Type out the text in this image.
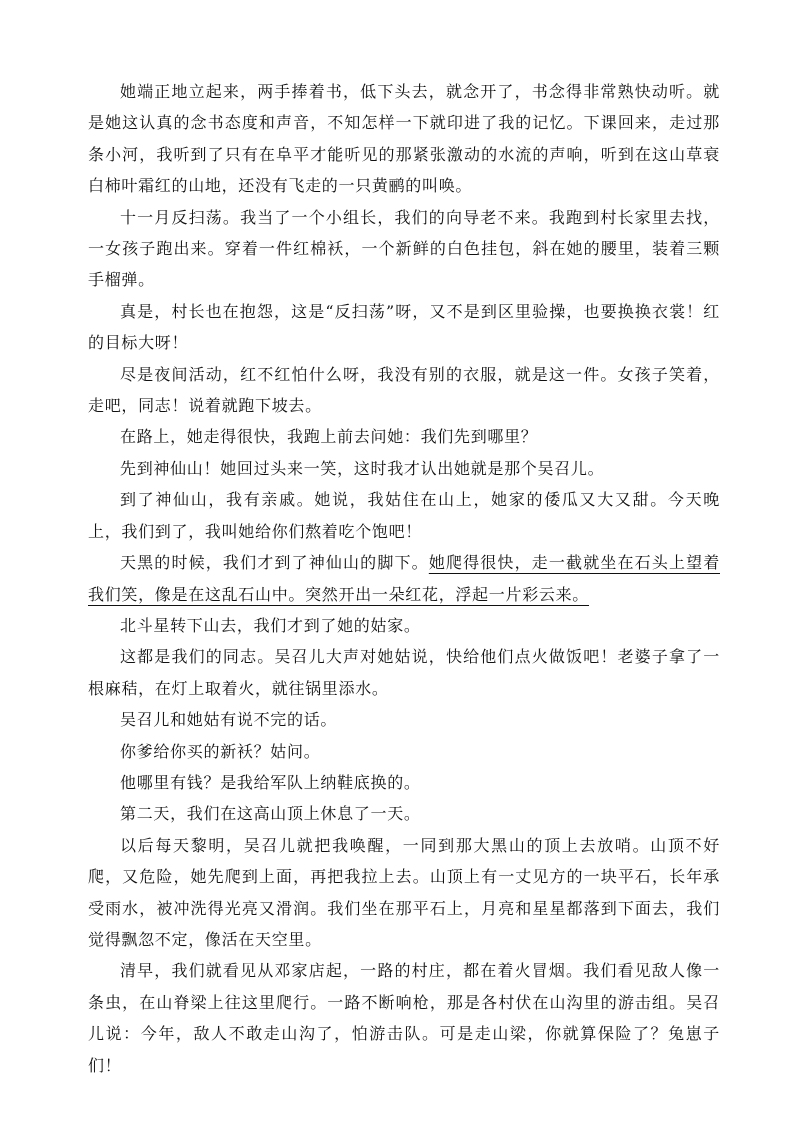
她端正地立起来，两手捧着书，低下头去，就念开了，书念得非常熟快动听。就是她这认真的念书态度和声音，不知怎样一下就印进了我的记忆。下课回来，走过那条小河，我听到了只有在阜平才能听见的那紧张激动的水流的声响，听到在这山草衰白柿叶霜红的山地，还没有飞走的一只黄鹂的叫唤。

十一月反扫荡。我当了一个小组长，我们的向导老不来。我跑到村长家里去找，一女孩子跑出来。穿着一件红棉袄，一个新鲜的白色挂包，斜在她的腰里，装着三颗手榴弹。

真是，村长也在抱怨，这是“反扫荡”呀，又不是到区里验操，也要换换衣裳！红的目标大呀！

尽是夜间活动，红不红怕什么呀，我没有别的衣服，就是这一件。女孩子笑着，走吧，同志！说着就跑下坡去。

在路上，她走得很快，我跑上前去问她：我们先到哪里？

先到神仙山！她回过头来一笑，这时我才认出她就是那个吴召儿。

到了神仙山，我有亲戚。她说，我姑住在山上，她家的倭瓜又大又甜。今天晚上，我们到了，我叫她给你们熬着吃个饱吧！

天黑的时候，我们才到了神仙山的脚下。她爬得很快，走一截就坐在石头上望着我们笑，像是在这乱石山中。突然开出一朵红花，浮起一片彩云来。

北斗星转下山去，我们才到了她的姑家。

这都是我们的同志。吴召儿大声对她姑说，快给他们点火做饭吧！老婆子拿了一根麻秸，在灯上取着火，就往锅里添水。

吴召儿和她姑有说不完的话。

你爹给你买的新袄？姑问。

他哪里有钱？是我给军队上纳鞋底换的。

第二天，我们在这高山顶上休息了一天。

以后每天黎明，吴召儿就把我唤醒，一同到那大黑山的顶上去放哨。山顶不好爬，又危险，她先爬到上面，再把我拉上去。山顶上有一丈见方的一块平石，长年承受雨水，被冲洗得光亮又滑润。我们坐在那平石上，月亮和星星都落到下面去，我们觉得飘忽不定，像活在天空里。

清早，我们就看见从邓家店起，一路的村庄，都在着火冒烟。我们看见敌人像一条虫，在山脊梁上往这里爬行。一路不断响枪，那是各村伏在山沟里的游击组。吴召儿说：今年，敌人不敢走山沟了，怕游击队。可是走山梁，你就算保险了？兔崽子们！
